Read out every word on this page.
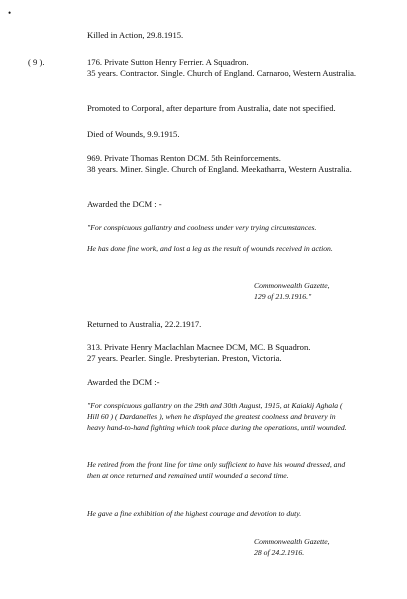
•

Killed in Action, 29.8.1915.

( 9 ).	176. Private Sutton Henry Ferrier. A Squadron.
35 years. Contractor. Single. Church of England. Carnaroo, Western Australia.

Promoted to Corporal, after departure from Australia, date not specified.

Died of Wounds, 9.9.1915.

969. Private Thomas Renton DCM. 5th Reinforcements.
38 years. Miner. Single. Church of England. Meekatharra, Western Australia.

Awarded the DCM : -

"For conspicuous gallantry and coolness under very trying circumstances.

He has done fine work, and lost a leg as the result of wounds received in action.

Commonwealth Gazette,
129 of 21.9.1916."

Returned to Australia, 22.2.1917.

313. Private Henry Maclachlan Macnee DCM, MC. B Squadron.
27 years. Pearler. Single. Presbyterian. Preston, Victoria.

Awarded the DCM :-

"For conspicuous gallantry on the 29th and 30th August, 1915, at Kaiakij Aghala ( Hill 60 ) ( Dardanelles ), when he displayed the greatest coolness and bravery in heavy hand-to-hand fighting which took place during the operations, until wounded.

He retired from the front line for time only sufficient to have his wound dressed, and then at once returned and remained until wounded a second time.

He gave a fine exhibition of the highest courage and devotion to duty.

Commonwealth Gazette,
28 of 24.2.1916.
